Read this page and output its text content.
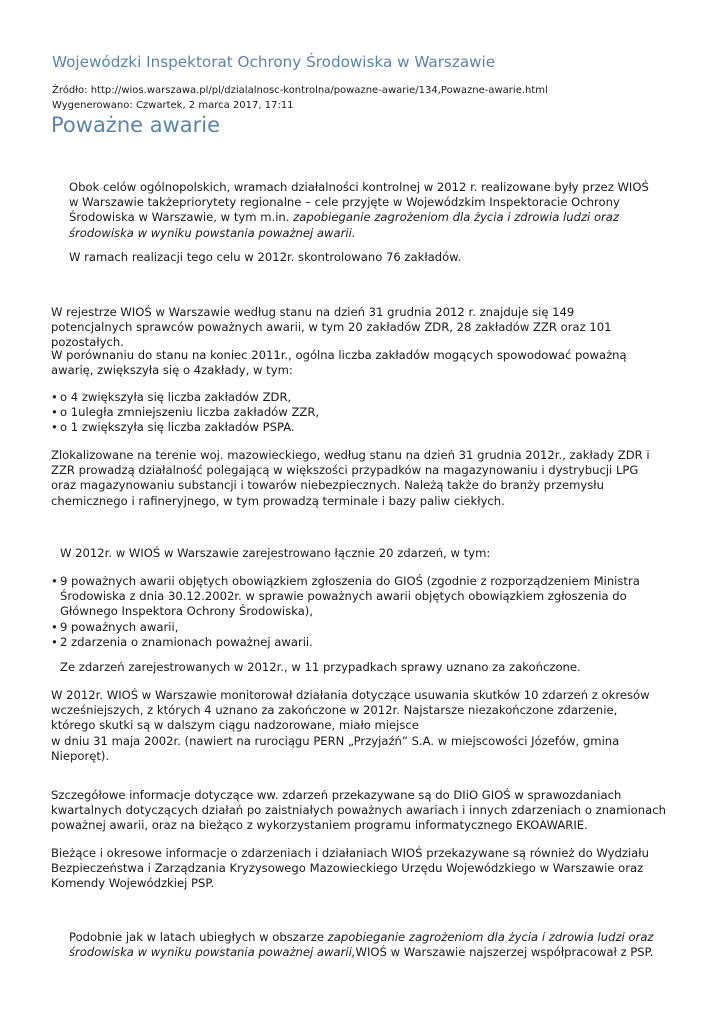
Wojewódzki Inspektorat Ochrony Środowiska w Warszawie
Źródło: http://wios.warszawa.pl/pl/dzialalnosc-kontrolna/powazne-awarie/134,Powazne-awarie.html
Wygenerowano: Czwartek, 2 marca 2017, 17:11
Poważne awarie

Obok celów ogólnopolskich, wramach działalności kontrolnej w 2012 r. realizowane były przez WIOŚ w Warszawie takżepriorytety regionalne – cele przyjęte w Wojewódzkim Inspektoracie Ochrony Środowiska w Warszawie, w tym m.in. zapobieganie zagrożeniom dla życia i zdrowia ludzi oraz środowiska w wyniku powstania poważnej awarii.

W ramach realizacji tego celu w 2012r. skontrolowano 76 zakładów.

W rejestrze WIOŚ w Warszawie według stanu na dzień 31 grudnia 2012 r. znajduje się 149 potencjalnych sprawców poważnych awarii, w tym 20 zakładów ZDR, 28 zakładów ZZR oraz 101 pozostałych.

W porównaniu do stanu na koniec 2011r., ogólna liczba zakładów mogących spowodować poważną awarię, zwiększyła się o 4zakłady, w tym:

• o 4 zwiększyła się liczba zakładów ZDR,
• o 1uległa zmniejszeniu liczba zakładów ZZR,
• o 1 zwiększyła się liczba zakładów PSPA.

Zlokalizowane na terenie woj. mazowieckiego, według stanu na dzień 31 grudnia 2012r., zakłady ZDR i ZZR prowadzą działalność polegającą w większości przypadków na magazynowaniu i dystrybucji LPG oraz magazynowaniu substancji i towarów niebezpiecznych. Należą także do branży przemysłu chemicznego i rafineryjnego, w tym prowadzą terminale i bazy paliw ciekłych.

W 2012r. w WIOŚ w Warszawie zarejestrowano łącznie 20 zdarzeń, w tym:

• 9 poważnych awarii objętych obowiązkiem zgłoszenia do GIOŚ (zgodnie z rozporządzeniem Ministra Środowiska z dnia 30.12.2002r. w sprawie poważnych awarii objętych obowiązkiem zgłoszenia do Głównego Inspektora Ochrony Środowiska),
• 9 poważnych awarii,
• 2 zdarzenia o znamionach poważnej awarii.

Ze zdarzeń zarejestrowanych w 2012r., w 11 przypadkach sprawy uznano za zakończone.

W 2012r. WIOŚ w Warszawie monitorował działania dotyczące usuwania skutków 10 zdarzeń z okresów wcześniejszych, z których 4 uznano za zakończone w 2012r. Najstarsze niezakończone zdarzenie, którego skutki są w dalszym ciągu nadzorowane, miało miejsce
w dniu 31 maja 2002r. (nawiert na rurociągu PERN „Przyjaźń” S.A. w miejscowości Józefów, gmina Nieporęt).

Szczegółowe informacje dotyczące ww. zdarzeń przekazywane są do DIiO GIOŚ w sprawozdaniach kwartalnych dotyczących działań po zaistniałych poważnych awariach i innych zdarzeniach o znamionach poważnej awarii, oraz na bieżąco z wykorzystaniem programu informatycznego EKOAWARIE.

Bieżące i okresowe informacje o zdarzeniach i działaniach WIOŚ przekazywane są również do Wydziału Bezpieczeństwa i Zarządzania Kryzysowego Mazowieckiego Urzędu Wojewódzkiego w Warszawie oraz Komendy Wojewódzkiej PSP.

Podobnie jak w latach ubiegłych w obszarze zapobieganie zagrożeniom dla życia i zdrowia ludzi oraz środowiska w wyniku powstania poważnej awarii,WIOŚ w Warszawie najszerzej współpracował z PSP.
